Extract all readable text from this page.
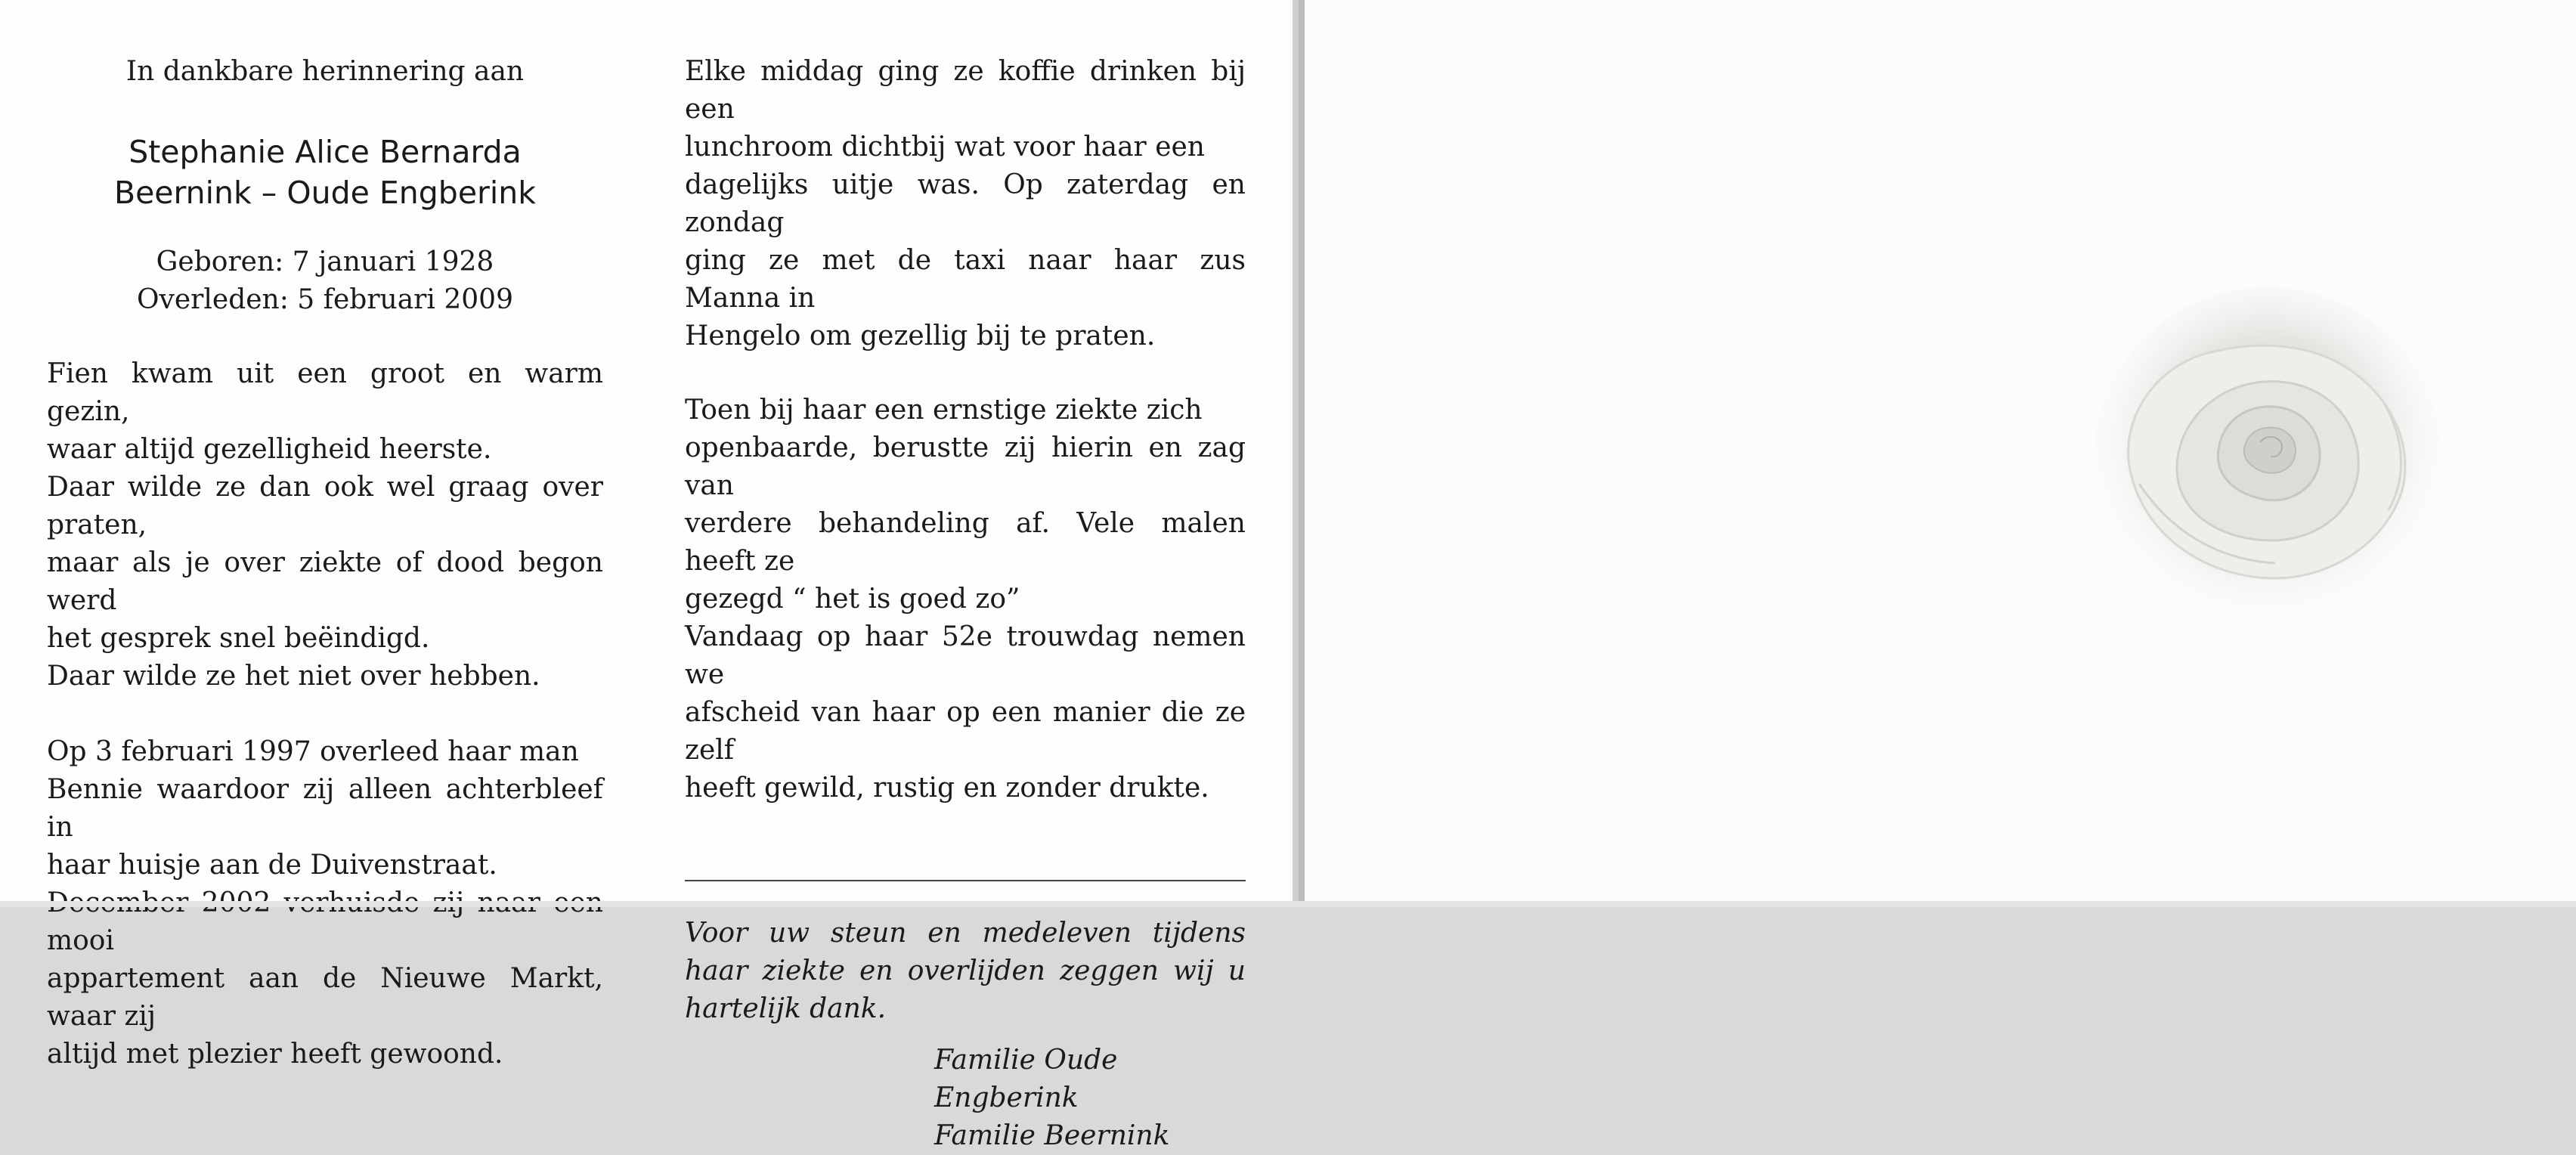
In dankbare herinnering aan

Stephanie Alice Bernarda
Beernink – Oude Engberink

Geboren: 7 januari 1928
Overleden: 5 februari 2009

Fien kwam uit een groot en warm gezin,
waar altijd gezelligheid heerste.
Daar wilde ze dan ook wel graag over praten,
maar als je over ziekte of dood begon werd
het gesprek snel beëindigd.
Daar wilde ze het niet over hebben.

Op 3 februari 1997 overleed haar man
Bennie waardoor zij alleen achterbleef in
haar huisje aan de Duivenstraat.
mooi
appartement aan de Nieuwe Markt, waar zij
altijd met plezier heeft gewoond.

Elke middag ging ze koffie drinken bij een
lunchroom dichtbij wat voor haar een
dagelijks uitje was. Op zaterdag en zondag
ging ze met de taxi naar haar zus Manna in
Hengelo om gezellig bij te praten.

Toen bij haar een ernstige ziekte zich
openbaarde, berustte zij hierin en zag van
verdere behandeling af. Vele malen heeft ze
gezegd “ het is goed zo”
Vandaag op haar 52e trouwdag nemen we
afscheid van haar op een manier die ze zelf
heeft gewild, rustig en zonder drukte.

Voor uw steun en medeleven tijdens haar ziekte en overlijden zeggen wij u hartelijk dank.

Familie Oude Engberink
Familie Beernink
